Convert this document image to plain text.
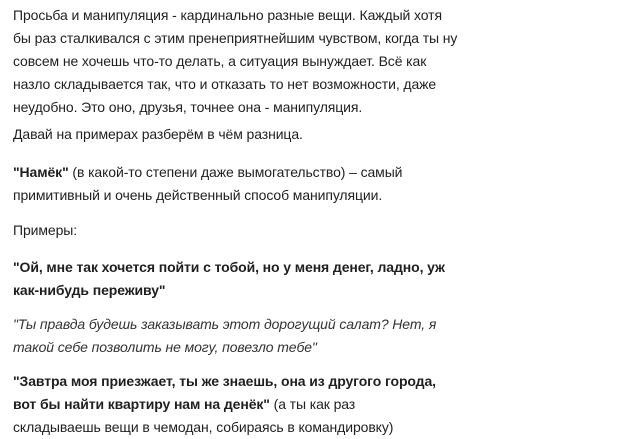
Просьба и манипуляция - кардинально разные вещи. Каждый хотя бы раз сталкивался с этим пренеприятнейшим чувством, когда ты ну совсем не хочешь что-то делать, а ситуация вынуждает. Всё как назло складывается так, что и отказать то нет возможности, даже неудобно. Это оно, друзья, точнее она - манипуляция.

Давай на примерах разберём в чём разница.

"Намёк" (в какой-то степени даже вымогательство) – самый примитивный и очень действенный способ манипуляции.

Примеры:

"Ой, мне так хочется пойти с тобой, но у меня денег, ладно, уж как-нибудь переживу"

"Ты правда будешь заказывать этот дорогущий салат? Нет, я такой себе позволить не могу, повезло тебе"

"Завтра моя приезжает, ты же знаешь, она из другого города, вот бы найти квартиру нам на денёк" (а ты как раз складываешь вещи в чемодан, собираясь в командировку)
